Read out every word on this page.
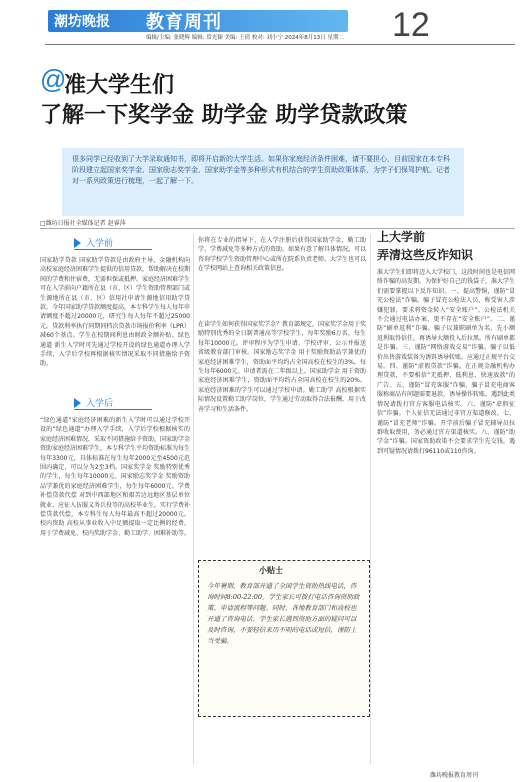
潮坊晚报 教育周刊	12
编辑/主编: 张晓辉 编辑: 常光颖 美编: 王倩 校对: 刘小宁 2024年8月13日 星期二
@
准大学生们
了解一下奖学金 助学金 助学贷款政策
很多同学已经收到了大学录取通知书，即将开启新的大学生活。如果你家庭经济条件困难，请不要担心，目前国家在本专科阶段建立起国家奖学金、国家励志奖学金、国家助学金等多种形式有机结合的学生资助政策体系，为学子们保驾护航。记者对一系列政策进行梳理，一起了解一下。
□潍坊日报社全媒体记者 赵睿萍
入学前
国家助学贷款 国家助学贷款是由政府主导、金融机构向高校家庭经济困难学生提供的信用贷款，帮助解决在校期间的学费和住宿费，无需担保或抵押。家庭经济困难学生可在入学前向户籍所在县（市、区）学生资助管理部门或生源地所在县（市、区）信用社申请生源地信用助学贷款。今年国家助学贷款额度提高，本专科学生每人每年申请额度不超过20000元，研究生每人每年不超过25000元。贷款利率执行同期同档次贷款市场报价利率（LPR）减60个基点。学生在校期间利息由财政全额补贴。绿色通道 新生入学时可先通过学校开设的绿色通道办理入学手续，入学后学校再根据核实情况采取不同措施给予资助。
入学后
“绿色通道”家庭经济困难的新生入学时可以通过学校开设的“绿色通道”办理入学手续，入学后学校根据核实的家庭经济困难情况，采取不同措施给予资助。国家助学金 资助家庭经济困难学生，本专科学生平均资助标准为每生每年3300元，具体标准在每生每年2000元至4500元范围内确定，可以分为2至3档。国家奖学金 奖励特别优秀的学生，每生每年10000元。国家励志奖学金 奖励资助品学兼优的家庭经济困难学生，每生每年6000元。学费补偿贷款代偿 对到中西部地区和艰苦边远地区基层单位就业、应征入伍服义务兵役等的高校毕业生，实行学费补偿贷款代偿，本专科生每人每年最高不超过20000元。校内资助 高校从事业收入中足额提取一定比例的经费，用于学费减免、校内奖助学金、勤工助学、困难补助等。
你将在专业的指导下，在入学注册后获得国家助学金、勤工助学、学费减免等多种方式的资助。如果有意了解具体情况，可以咨询学校学生资助管理中心或所在院系负责老师。大学生也可以在学校网站上查询相关政策信息。
在读学生如何获得国家奖学金？教育部规定，国家奖学金用于奖励特别优秀的全日制普通高等学校学生，每年奖励6万名，每生每年10000元。评审程序为学生申请、学校评审、公示并报送省级教育部门审核。国家励志奖学金 用于奖励资助品学兼优的家庭经济困难学生，资助面平均约占全国高校在校生的3%，每生每年6000元。申请者需在二年级以上。国家助学金 用于资助家庭经济困难学生，资助面平均约占全国高校在校生的20%。家庭经济困难的学生可以通过学校申请。勤工助学 高校根据实际情况设置勤工助学岗位，学生通过劳动取得合法报酬，用于改善学习和生活条件。
小贴士
今年暑期，教育部开通了全国学生资助热线电话，咨询时间8:00-22:00。学生家长可拨打电话咨询资助政策、申请流程等问题。同时，各地教育部门和高校也开通了咨询电话。学生家长遇到资助方面的疑问可以及时咨询，不要轻信来历不明的电话或短信，谨防上当受骗。
上大学前
弄清这些反诈知识
准大学生们即将迈入大学校门，这段时间也是电信网络诈骗的高发期。为保护好自己的钱袋子，准大学生们需要掌握以下反诈知识。一、提高警惕，谨防“冒充公检法”诈骗。骗子冒充公检法人员，称受害人涉嫌犯罪，要求将资金转入“安全账户”。公检法机关不会通过电话办案，更不存在“安全账户”。二、谨防“刷单返利”诈骗。骗子以兼职刷单为名，先小额返利取得信任，再诱导大额投入后拉黑。所有刷单都是诈骗。三、谨防“网络游戏交易”诈骗。骗子以低价出售游戏装备为诱饵诱导转账。应通过正规平台交易。四、谨防“虚假贷款”诈骗。在正规金融机构办理贷款，不要相信“无抵押、低利息、快速放款”的广告。五、谨防“冒充客服”诈骗。骗子冒充电商客服称商品有问题需要退款，诱导操作转账。遇到此类情况请拨打官方客服电话核实。六、谨防“虚假征信”诈骗。个人征信无法通过非官方渠道修改。七、谨防“冒充老师”诈骗。开学前后骗子冒充辅导员拉群收取费用，务必通过官方渠道核实。八、谨防“助学金”诈骗。国家资助政策不会要求学生先交钱。遇到可疑情况请拨打96110或110咨询。
潍坊晚报教育周刊
